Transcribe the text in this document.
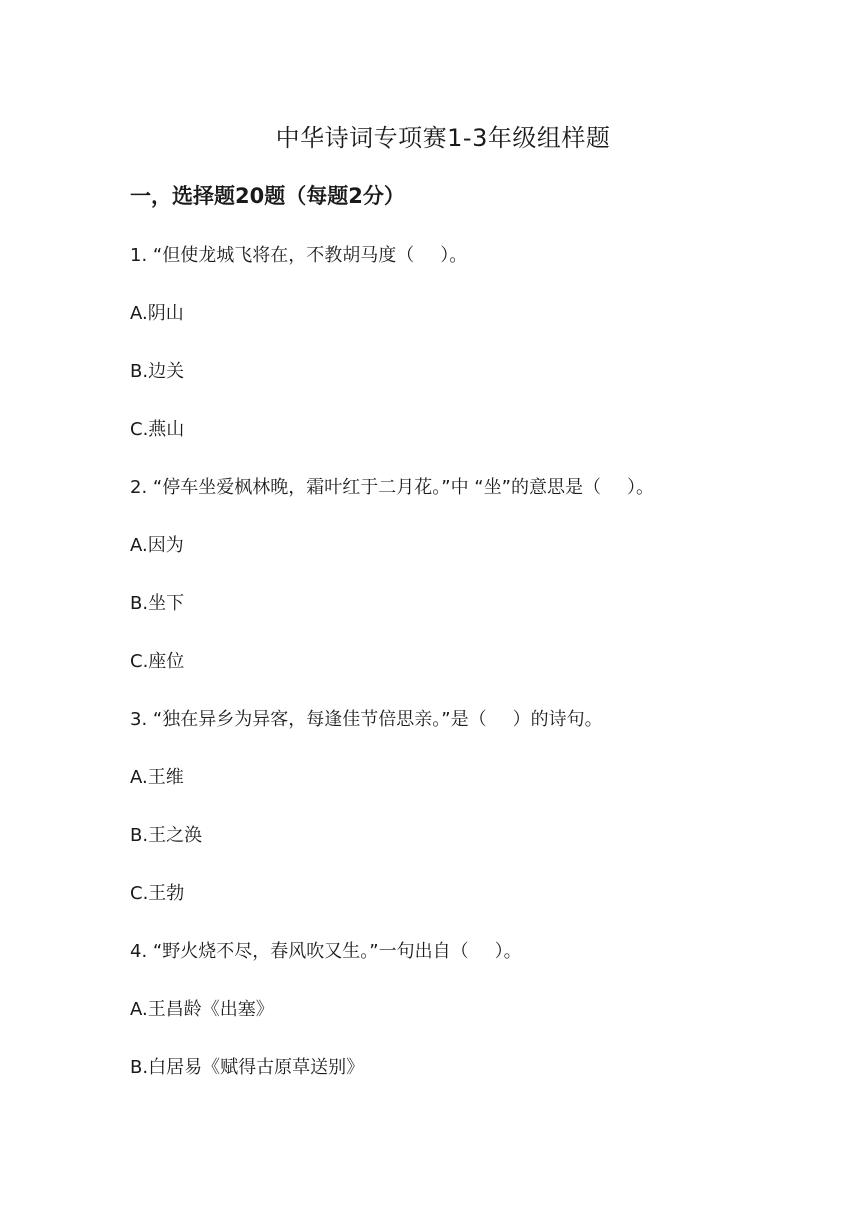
中华诗词专项赛1-3年级组样题
一，选择题20题（每题2分）

1. “但使龙城飞将在，不教胡马度（ ）。

A.阴山

B.边关

C.燕山

2. “停车坐爱枫林晚，霜叶红于二月花。”中 “坐”的意思是（ ）。

A.因为

B.坐下

C.座位

3. “独在异乡为异客，每逢佳节倍思亲。”是（ ）的诗句。

A.王维

B.王之涣

C.王勃

4. “野火烧不尽，春风吹又生。”一句出自（ ）。

A.王昌龄《出塞》

B.白居易《赋得古原草送别》
